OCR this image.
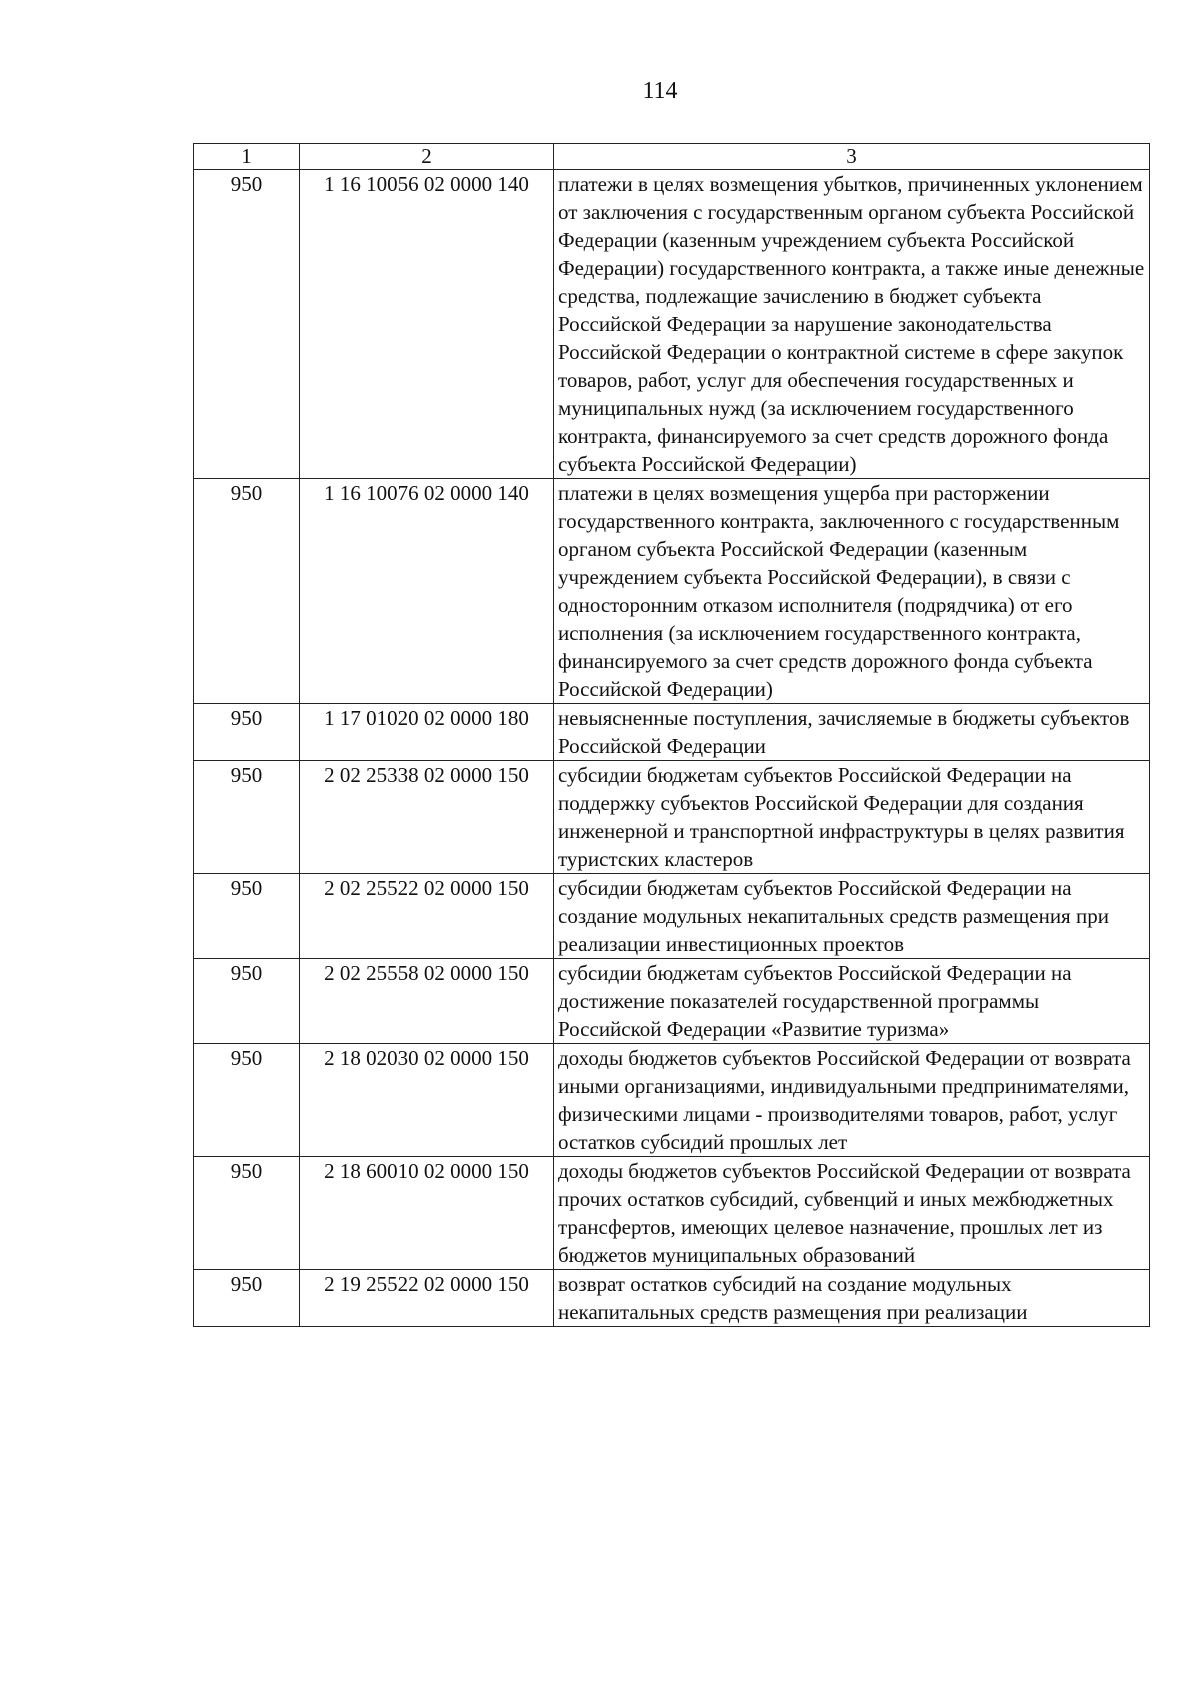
114
1	2	3
950	1 16 10056 02 0000 140	платежи в целях возмещения убытков, причиненных уклонением от заключения с государственным органом субъекта Российской Федерации (казенным учреждением субъекта Российской Федерации) государственного контракта, а также иные денежные средства, подлежащие зачислению в бюджет субъекта Российской Федерации за нарушение законодательства Российской Федерации о контрактной системе в сфере закупок товаров, работ, услуг для обеспечения государственных и муниципальных нужд (за исключением государственного контракта, финансируемого за счет средств дорожного фонда субъекта Российской Федерации)
950	1 16 10076 02 0000 140	платежи в целях возмещения ущерба при расторжении государственного контракта, заключенного с государственным органом субъекта Российской Федерации (казенным учреждением субъекта Российской Федерации), в связи с односторонним отказом исполнителя (подрядчика) от его исполнения (за исключением государственного контракта, финансируемого за счет средств дорожного фонда субъекта Российской Федерации)
950	1 17 01020 02 0000 180	невыясненные поступления, зачисляемые в бюджеты субъектов Российской Федерации
950	2 02 25338 02 0000 150	субсидии бюджетам субъектов Российской Федерации на поддержку субъектов Российской Федерации для создания инженерной и транспортной инфраструктуры в целях развития туристских кластеров
950	2 02 25522 02 0000 150	субсидии бюджетам субъектов Российской Федерации на создание модульных некапитальных средств размещения при реализации инвестиционных проектов
950	2 02 25558 02 0000 150	субсидии бюджетам субъектов Российской Федерации на достижение показателей государственной программы Российской Федерации «Развитие туризма»
950	2 18 02030 02 0000 150	доходы бюджетов субъектов Российской Федерации от возврата иными организациями, индивидуальными предпринимателями, физическими лицами - производителями товаров, работ, услуг остатков субсидий прошлых лет
950	2 18 60010 02 0000 150	доходы бюджетов субъектов Российской Федерации от возврата прочих остатков субсидий, субвенций и иных межбюджетных трансфертов, имеющих целевое назначение, прошлых лет из бюджетов муниципальных образований
950	2 19 25522 02 0000 150	возврат остатков субсидий на создание модульных некапитальных средств размещения при реализации
